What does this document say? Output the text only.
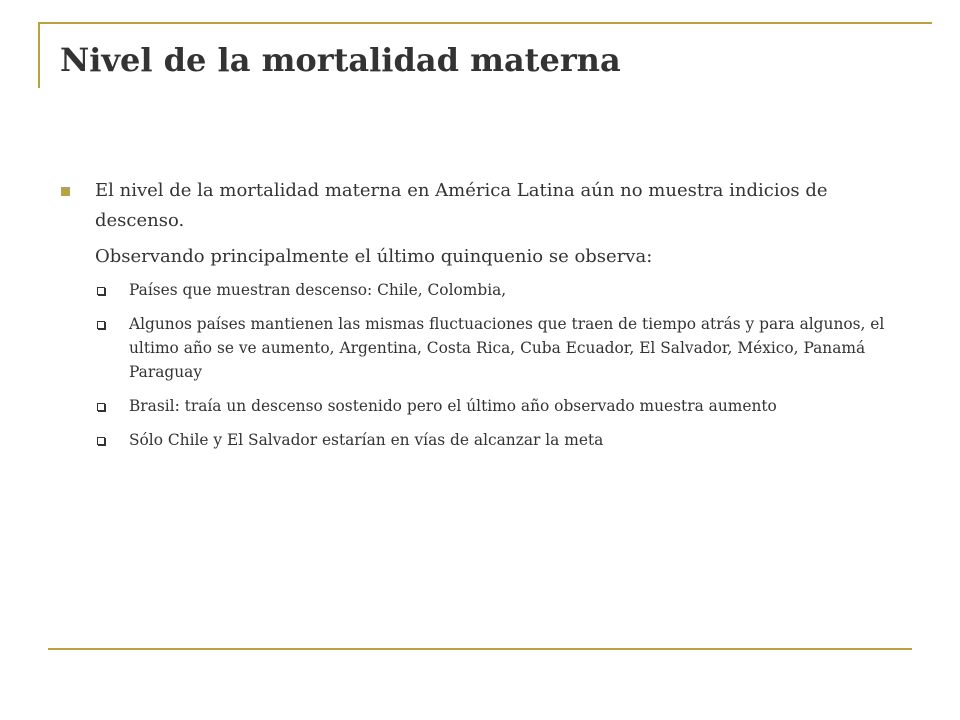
Nivel de la mortalidad materna
El nivel de la mortalidad materna en América Latina aún no muestra indicios de descenso.
Observando principalmente el último quinquenio se observa:
Países que muestran descenso: Chile, Colombia,
Algunos países mantienen las mismas fluctuaciones que traen de tiempo atrás y para algunos, el ultimo año se ve aumento, Argentina, Costa Rica, Cuba Ecuador, El Salvador, México, Panamá Paraguay
Brasil: traía un descenso sostenido pero el último año observado muestra aumento
Sólo Chile y El Salvador estarían en vías de alcanzar la meta
